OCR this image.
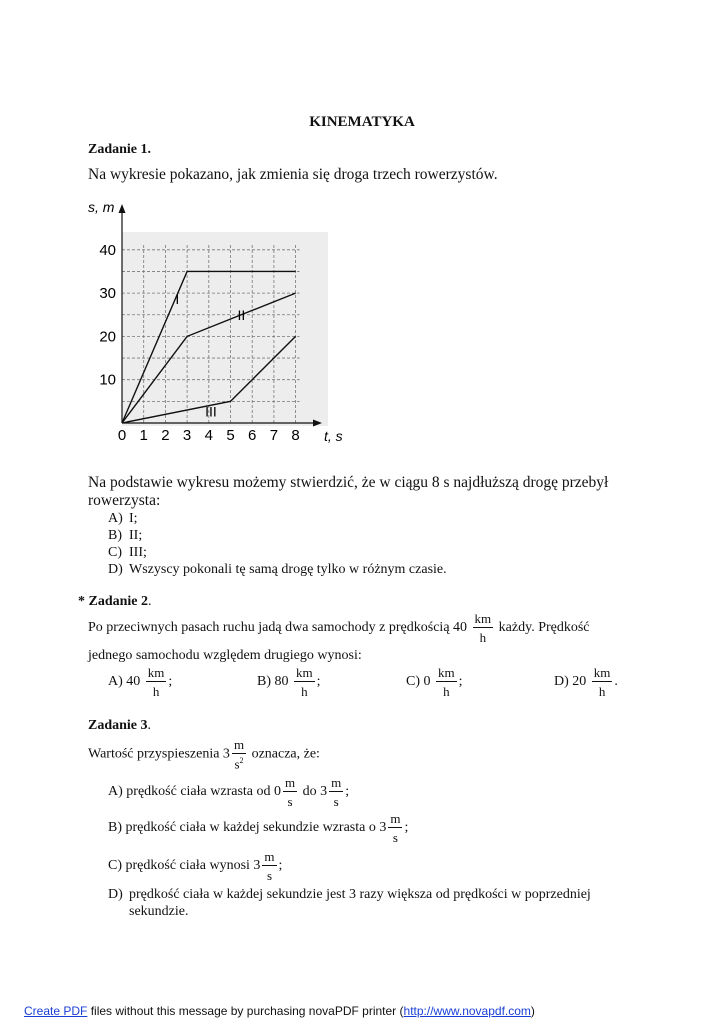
KINEMATYKA
Zadanie 1.
Na wykresie pokazano, jak zmienia się droga trzech rowerzystów.
0 1 2 3 4 5 6 7 8
10
20
30
40
I
II
III
s, m
t, s
Na podstawie wykresu możemy stwierdzić, że w ciągu 8 s najdłuższą drogę przebył
rowerzysta:
A) I;
B) II;
C) III;
D) Wszyscy pokonali tę samą drogę tylko w różnym czasie.
* Zadanie 2.
Po przeciwnych pasach ruchu jadą dwa samochody z prędkością $40 \frac{km}{h}$ każdy. Prędkość
jednego samochodu względem drugiego wynosi:
A) $40 \frac{km}{h}$ ;	B) $80 \frac{km}{h}$ ;	C) $0 \frac{km}{h}$ ;	D) $20 \frac{km}{h}$ .
Zadanie 3.
Wartość przyspieszenia $3 \frac{m}{s^2}$ oznacza, że:
A) prędkość ciała wzrasta od $0 \frac{m}{s}$ do $3 \frac{m}{s}$ ;
B) prędkość ciała w każdej sekundzie wzrasta o $3 \frac{m}{s}$ ;
C) prędkość ciała wynosi $3 \frac{m}{s}$ ;
D) prędkość ciała w każdej sekundzie jest 3 razy większa od prędkości w poprzedniej
sekundzie.
Create PDF files without this message by purchasing novaPDF printer (http://www.novapdf.com)
